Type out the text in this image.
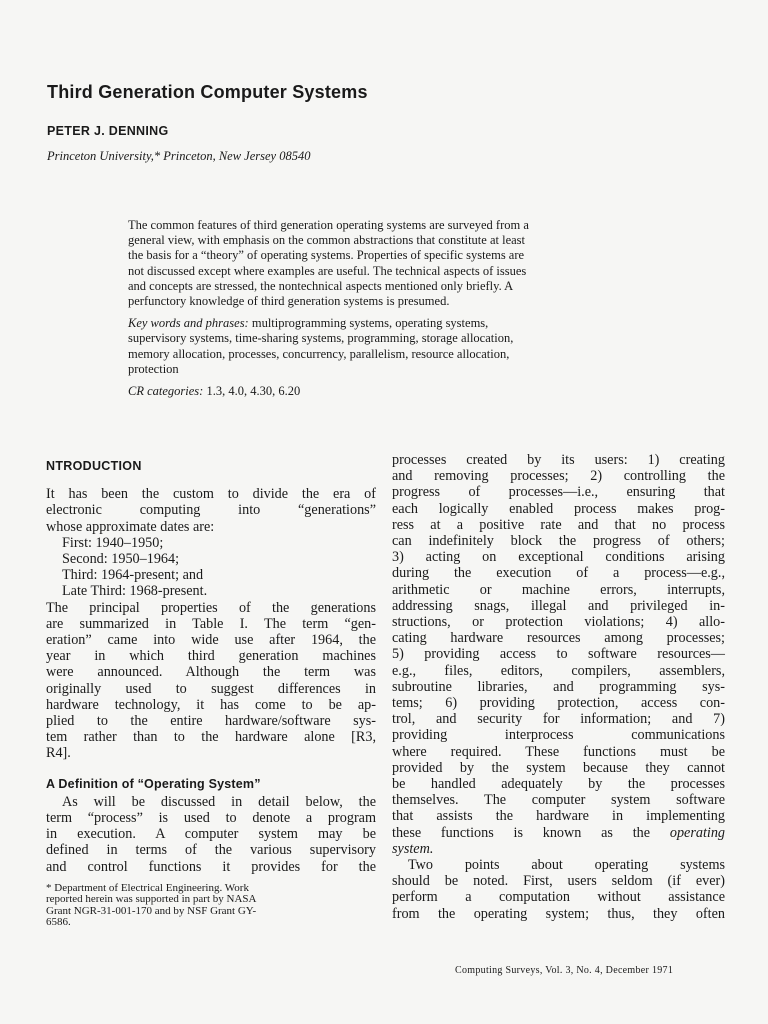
Third Generation Computer Systems
PETER J. DENNING
Princeton University,* Princeton, New Jersey 08540
The common features of third generation operating systems are surveyed from a
general view, with emphasis on the common abstractions that constitute at least
the basis for a “theory” of operating systems. Properties of specific systems are
not discussed except where examples are useful. The technical aspects of issues
and concepts are stressed, the nontechnical aspects mentioned only briefly. A
perfunctory knowledge of third generation systems is presumed.
Key words and phrases: multiprogramming systems, operating systems,
supervisory systems, time-sharing systems, programming, storage allocation,
memory allocation, processes, concurrency, parallelism, resource allocation,
protection
CR categories: 1.3, 4.0, 4.30, 6.20
NTRODUCTION
It has been the custom to divide the era of
electronic computing into “generations”
whose approximate dates are:
First: 1940–1950;
Second: 1950–1964;
Third: 1964-present; and
Late Third: 1968-present.
The principal properties of the generations
are summarized in Table I. The term “gen-
eration” came into wide use after 1964, the
year in which third generation machines
were announced. Although the term was
originally used to suggest differences in
hardware technology, it has come to be ap-
plied to the entire hardware/software sys-
tem rather than to the hardware alone [R3,
R4].
A Definition of “Operating System”
As will be discussed in detail below, the
term “process” is used to denote a program
in execution. A computer system may be
defined in terms of the various supervisory
and control functions it provides for the
* Department of Electrical Engineering. Work
reported herein was supported in part by NASA
Grant NGR-31-001-170 and by NSF Grant GY-
6586.
processes created by its users: 1) creating
and removing processes; 2) controlling the
progress of processes—i.e., ensuring that
each logically enabled process makes prog-
ress at a positive rate and that no process
can indefinitely block the progress of others;
3) acting on exceptional conditions arising
during the execution of a process—e.g.,
arithmetic or machine errors, interrupts,
addressing snags, illegal and privileged in-
structions, or protection violations; 4) allo-
cating hardware resources among processes;
5) providing access to software resources—
e.g., files, editors, compilers, assemblers,
subroutine libraries, and programming sys-
tems; 6) providing protection, access con-
trol, and security for information; and 7)
providing interprocess communications
where required. These functions must be
provided by the system because they cannot
be handled adequately by the processes
themselves. The computer system software
that assists the hardware in implementing
these functions is known as the operating
system.
Two points about operating systems
should be noted. First, users seldom (if ever)
perform a computation without assistance
from the operating system; thus, they often
Computing Surveys, Vol. 3, No. 4, December 1971
